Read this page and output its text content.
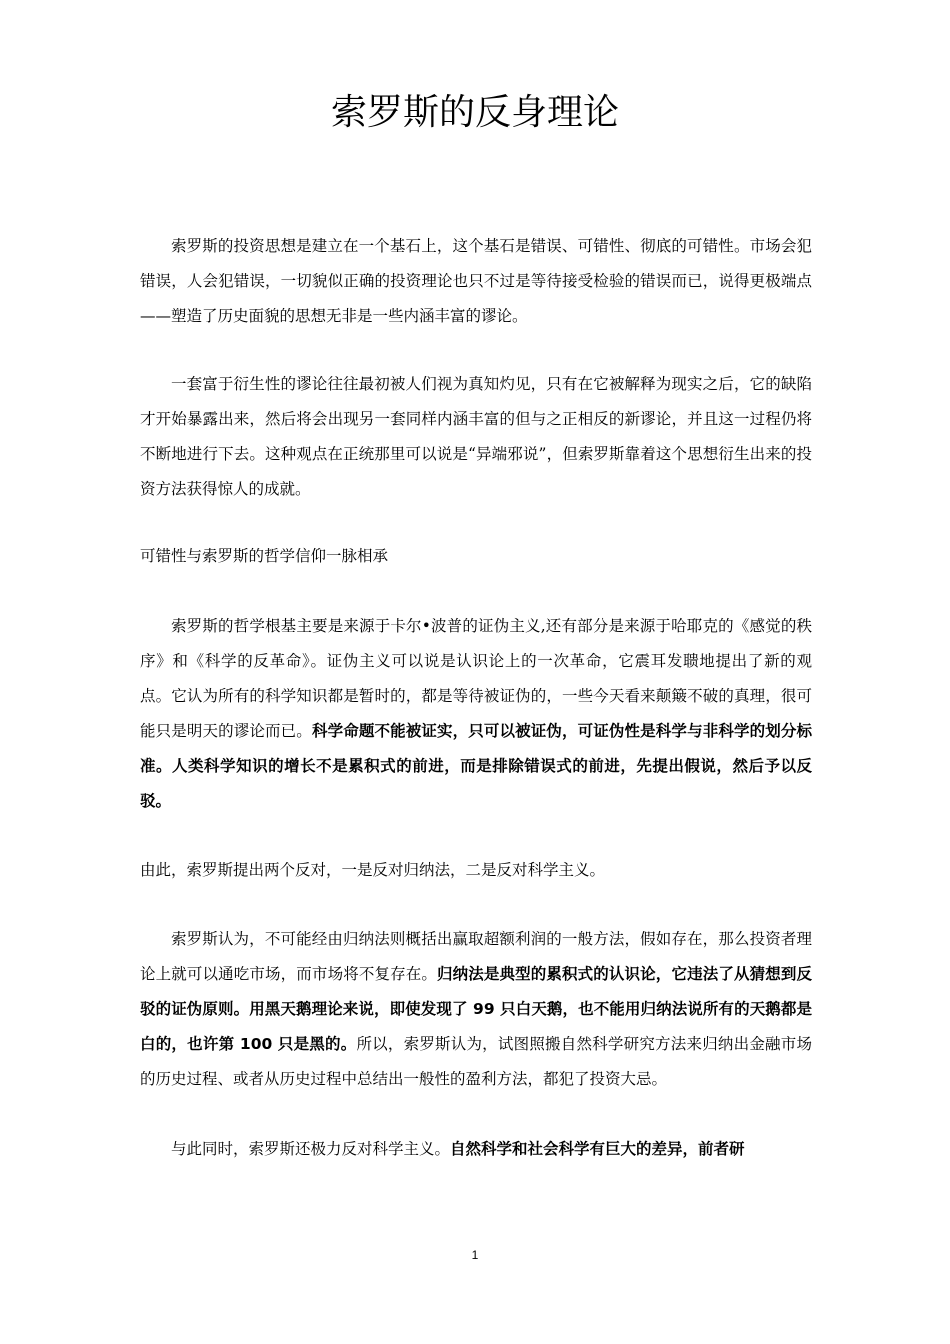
索罗斯的反身理论
索罗斯的投资思想是建立在一个基石上，这个基石是错误、可错性、彻底的可错性。市场会犯错误，人会犯错误，一切貌似正确的投资理论也只不过是等待接受检验的错误而已，说得更极端点——塑造了历史面貌的思想无非是一些内涵丰富的谬论。
一套富于衍生性的谬论往往最初被人们视为真知灼见，只有在它被解释为现实之后，它的缺陷才开始暴露出来，然后将会出现另一套同样内涵丰富的但与之正相反的新谬论，并且这一过程仍将不断地进行下去。这种观点在正统那里可以说是“异端邪说”，但索罗斯靠着这个思想衍生出来的投资方法获得惊人的成就。
可错性与索罗斯的哲学信仰一脉相承
索罗斯的哲学根基主要是来源于卡尔•波普的证伪主义,还有部分是来源于哈耶克的《感觉的秩序》和《科学的反革命》。证伪主义可以说是认识论上的一次革命，它震耳发聩地提出了新的观点。它认为所有的科学知识都是暂时的，都是等待被证伪的，一些今天看来颠簸不破的真理，很可能只是明天的谬论而已。科学命题不能被证实，只可以被证伪，可证伪性是科学与非科学的划分标准。人类科学知识的增长不是累积式的前进，而是排除错误式的前进，先提出假说，然后予以反驳。
由此，索罗斯提出两个反对，一是反对归纳法，二是反对科学主义。
索罗斯认为，不可能经由归纳法则概括出赢取超额利润的一般方法，假如存在，那么投资者理论上就可以通吃市场，而市场将不复存在。归纳法是典型的累积式的认识论，它违法了从猜想到反驳的证伪原则。用黑天鹅理论来说，即使发现了 99 只白天鹅，也不能用归纳法说所有的天鹅都是白的，也许第 100 只是黑的。所以，索罗斯认为，试图照搬自然科学研究方法来归纳出金融市场的历史过程、或者从历史过程中总结出一般性的盈利方法，都犯了投资大忌。
与此同时，索罗斯还极力反对科学主义。自然科学和社会科学有巨大的差异，前者研
1
